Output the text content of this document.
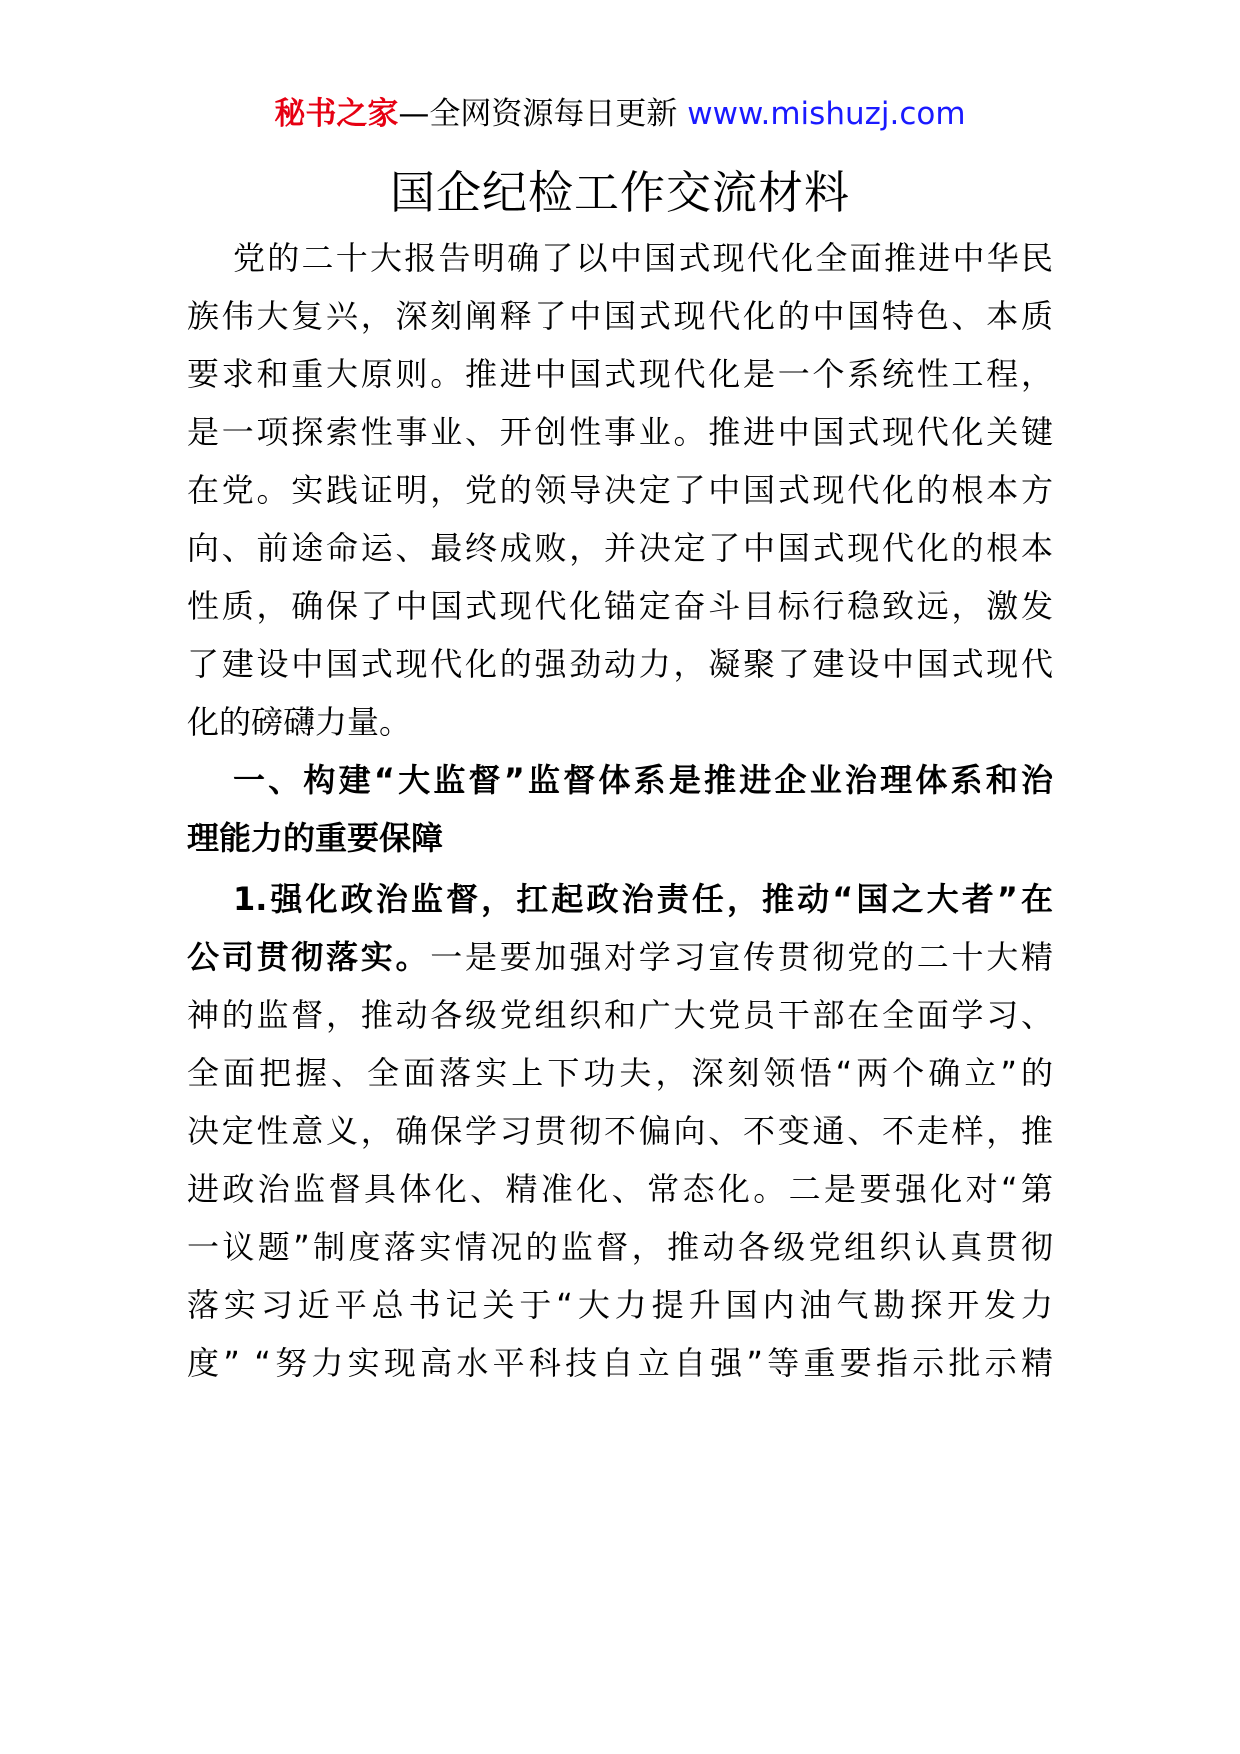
秘书之家—全网资源每日更新 www.mishuzj.com
国企纪检工作交流材料

党的二十大报告明确了以中国式现代化全面推进中华民

族伟大复兴，深刻阐释了中国式现代化的中国特色、本质

要求和重大原则。推进中国式现代化是一个系统性工程，

是一项探索性事业、开创性事业。推进中国式现代化关键

在党。实践证明，党的领导决定了中国式现代化的根本方

向、前途命运、最终成败，并决定了中国式现代化的根本

性质，确保了中国式现代化锚定奋斗目标行稳致远，激发

了建设中国式现代化的强劲动力，凝聚了建设中国式现代

化的磅礴力量。

一、构建“大监督”监督体系是推进企业治理体系和治

理能力的重要保障

1.强化政治监督，扛起政治责任，推动“国之大者”在

公司贯彻落实。一是要加强对学习宣传贯彻党的二十大精

神的监督，推动各级党组织和广大党员干部在全面学习、

全面把握、全面落实上下功夫，深刻领悟“两个确立”的

决定性意义，确保学习贯彻不偏向、不变通、不走样，推

进政治监督具体化、精准化、常态化。二是要强化对“第

一议题”制度落实情况的监督，推动各级党组织认真贯彻

落实习近平总书记关于“大力提升国内油气勘探开发力

度” “努力实现高水平科技自立自强”等重要指示批示精
